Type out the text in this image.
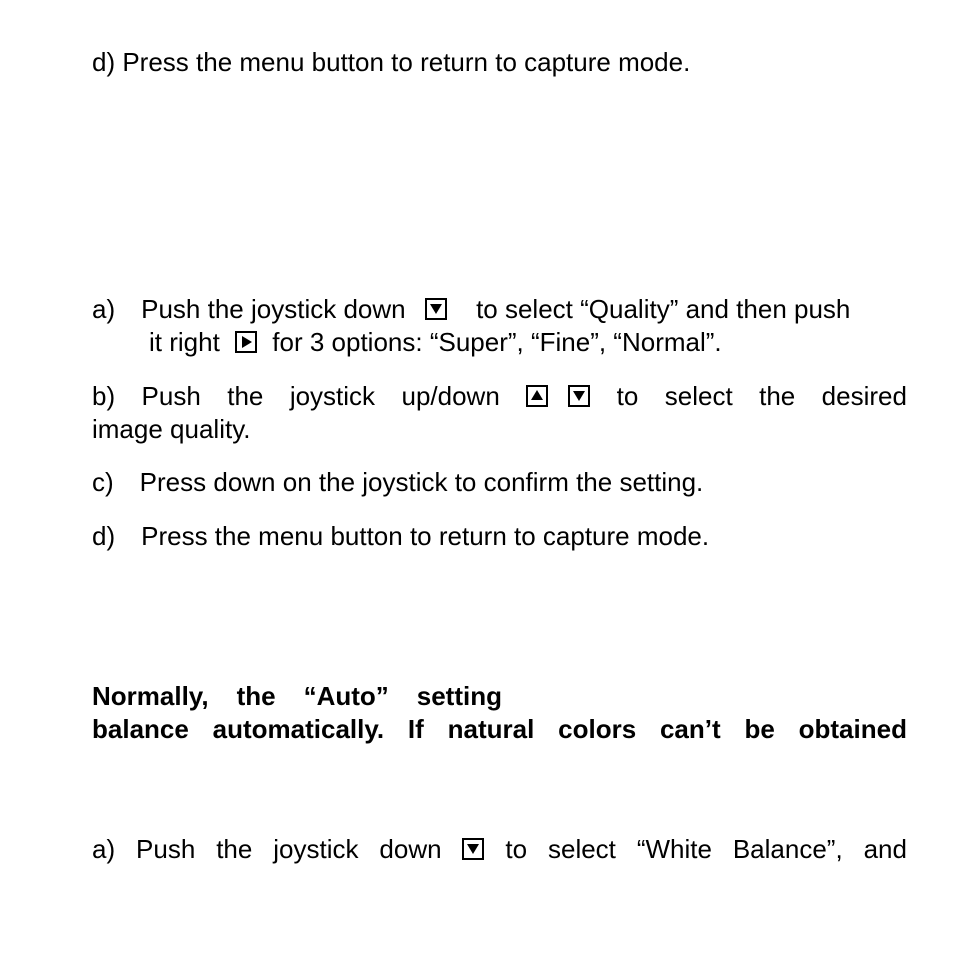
d) Press the menu button to return to capture mode.
a) Push the joystick down	to select “Quality” and then push
it right for 3 options: “Super”, “Fine”, “Normal”.
b) Push the joystick up/down	to select the desired
image quality.
c) Press down on the joystick to confirm the setting.
d) Press the menu button to return to capture mode.
Normally, the “Auto” setting
balance automatically. If natural colors can’t be obtained
a) Push the joystick down to select “White Balance”, and
